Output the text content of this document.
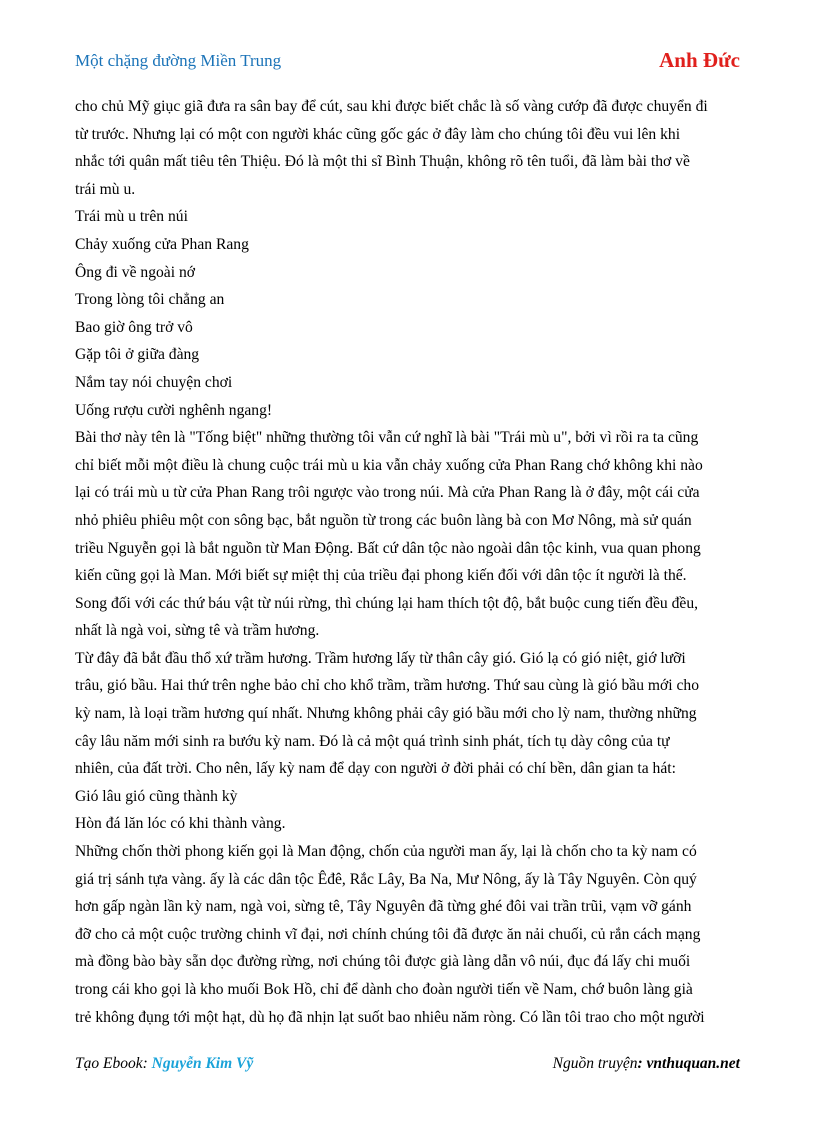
Một chặng đường Miền Trung	Anh Đức
cho chủ Mỹ giục giã đưa ra sân bay để cút, sau khi được biết chắc là số vàng cướp đã được chuyển đi
từ trước. Nhưng lại có một con người khác cũng gốc gác ở đây làm cho chúng tôi đều vui lên khi
nhắc tới quân mất tiêu tên Thiệu. Đó là một thi sĩ Bình Thuận, không rõ tên tuổi, đã làm bài thơ về
trái mù u.
Trái mù u trên núi
Chảy xuống cửa Phan Rang
Ông đi về ngoài nớ
Trong lòng tôi chẳng an
Bao giờ ông trở vô
Gặp tôi ở giữa đàng
Nắm tay nói chuyện chơi
Uống rượu cười nghênh ngang!
Bài thơ này tên là "Tống biệt" những thường tôi vẫn cứ nghĩ là bài "Trái mù u", bởi vì rồi ra ta cũng
chỉ biết mỗi một điều là chung cuộc trái mù u kia vẫn chảy xuống cửa Phan Rang chớ không khi nào
lại có trái mù u từ cửa Phan Rang trôi ngược vào trong núi. Mà cửa Phan Rang là ở đây, một cái cửa
nhỏ phiêu phiêu một con sông bạc, bắt nguồn từ trong các buôn làng bà con Mơ Nông, mà sử quán
triều Nguyễn gọi là bắt nguồn từ Man Động. Bất cứ dân tộc nào ngoài dân tộc kinh, vua quan phong
kiến cũng gọi là Man. Mới biết sự miệt thị của triều đại phong kiến đối với dân tộc ít người là thế.
Song đối với các thứ báu vật từ núi rừng, thì chúng lại ham thích tột độ, bắt buộc cung tiến đều đều,
nhất là ngà voi, sừng tê và trầm hương.
Từ đây đã bắt đầu thổ xứ trầm hương. Trầm hương lấy từ thân cây gió. Gió lạ có gió niệt, giớ lưỡi
trâu, gió bầu. Hai thứ trên nghe bảo chỉ cho khổ trầm, trầm hương. Thứ sau cùng là gió bầu mới cho
kỳ nam, là loại trầm hương quí nhất. Nhưng không phải cây gió bầu mới cho lỳ nam, thường những
cây lâu năm mới sinh ra bướu kỳ nam. Đó là cả một quá trình sinh phát, tích tụ dày công của tự
nhiên, của đất trời. Cho nên, lấy kỳ nam để dạy con người ở đời phải có chí bền, dân gian ta hát:
Gió lâu gió cũng thành kỳ
Hòn đá lăn lóc có khi thành vàng.
Những chốn thời phong kiến gọi là Man động, chốn của người man ấy, lại là chốn cho ta kỳ nam có
giá trị sánh tựa vàng. ấy là các dân tộc Êđê, Rắc Lây, Ba Na, Mư Nông, ấy là Tây Nguyên. Còn quý
hơn gấp ngàn lần kỳ nam, ngà voi, sừng tê, Tây Nguyên đã từng ghé đôi vai trần trũi, vạm vỡ gánh
đỡ cho cả một cuộc trường chinh vĩ đại, nơi chính chúng tôi đã được ăn nải chuối, củ rắn cách mạng
mà đồng bào bày sẵn dọc đường rừng, nơi chúng tôi được già làng dẫn vô núi, đục đá lấy chi muối
trong cái kho gọi là kho muối Bok Hồ, chỉ để dành cho đoàn người tiến về Nam, chớ buôn làng già
trẻ không đụng tới một hạt, dù họ đã nhịn lạt suốt bao nhiêu năm ròng. Có lần tôi trao cho một người
Tạo Ebook: Nguyễn Kim Vỹ	Nguồn truyện: vnthuquan.net
